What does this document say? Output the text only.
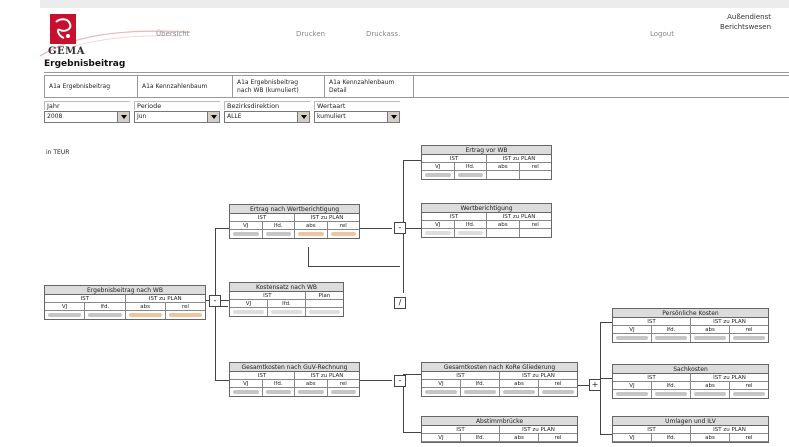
GEMA
Übersicht	Drucken	Druckass.	Logout
Außendienst
Berichtswesen
Ergebnisbeitrag
A1a Ergebnisbeitrag	A1a Kennzahlenbaum
A1a Ergebnisbeitrag
nach WB (kumuliert)
A1a Kennzahlenbaum
Detail
Jahr
2008
Periode
Jun
Bezirksdirektion
ALLE
Wertaart
kumuliert
in TEUR
-
-
/
-	+
Ergebnisbeitrag nach WB
IST	IST zu PLAN
VJ	lfd.	abs	rel
Ertrag nach Wertberichtigung
IST	IST zu PLAN
VJ	lfd.	abs	rel
Kostensatz nach WB
IST	Plan
VJ	lfd.
Gesamtkosten nach GuV-Rechnung
IST	IST zu PLAN
VJ	lfd.	abs	rel
Ertrag vor WB
IST	IST zu PLAN
VJ	lfd.	abs	rel
Wertberichtigung
IST	IST zu PLAN
VJ	lfd.	abs	rel
Gesamtkosten nach KoRe Gliederung
IST	IST zu PLAN
VJ	lfd.	abs	rel
Abstimmbrücke
IST	IST zu PLAN
VJ	lfd.	abs	rel
Persönliche Kosten
IST	IST zu PLAN
VJ	lfd.	abs	rel
Sachkosten
IST	IST zu PLAN
VJ	lfd.	abs	rel
Umlagen und ILV
IST	IST zu PLAN
VJ	lfd.	abs	rel
